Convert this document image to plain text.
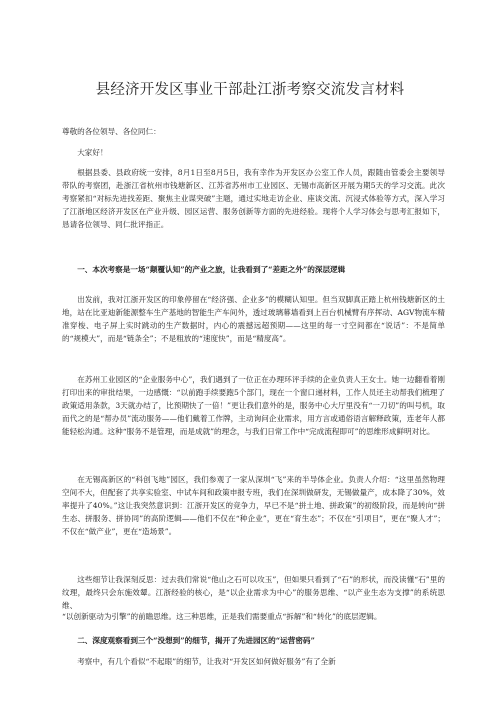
县经济开发区事业干部赴江浙考察交流发言材料
尊敬的各位领导、各位同仁：
大家好！
根据县委、县政府统一安排，8月1日至8月5日，我有幸作为开发区办公室工作人员，跟随由管委会主要领导带队的考察团，赴浙江省杭州市钱塘新区、江苏省苏州市工业园区、无锡市高新区开展为期5天的学习交流。此次考察紧扣“对标先进找差距、聚焦主业谋突破”主题，通过实地走访企业、座谈交流、沉浸式体验等方式，深入学习了江浙地区经济开发区在产业升级、园区运营、服务创新等方面的先进经验。现将个人学习体会与思考汇报如下，恳请各位领导、同仁批评指正。
一、本次考察是一场“颠覆认知”的产业之旅，让我看到了“差距之外”的深层逻辑
出发前，我对江浙开发区的印象停留在“经济强、企业多”的模糊认知里。但当双脚真正踏上杭州钱塘新区的土地，站在比亚迪新能源整车生产基地的智能生产车间外，透过玻璃幕墙看到上百台机械臂有序挥动、AGV物流车精准穿梭、电子屏上实时跳动的生产数据时，内心的震撼远超预期——这里的每一寸空间都在“说话”：不是简单的“规模大”，而是“链条全”；不是粗放的“速度快”，而是“精度高”。
在苏州工业园区的“企业服务中心”，我们遇到了一位正在办理环评手续的企业负责人王女士。她一边翻看着刚打印出来的审批结果，一边感慨：“以前跑手续要跑5个部门，现在一个窗口递材料，工作人员还主动帮我们梳理了政策适用条款，3天就办结了，比预期快了一倍！”更让我们意外的是，服务中心大厅里没有“一刀切”的叫号机，取而代之的是“帮办员”流动服务——他们戴着工作牌，主动询问企业需求，用方言或通俗语言解释政策，连老年人都能轻松沟通。这种“服务不是管理，而是成就”的理念，与我们日常工作中“完成流程即可”的思维形成鲜明对比。
在无锡高新区的“科创飞地”园区，我们参观了一家从深圳“飞”来的半导体企业。负责人介绍：“这里虽然物理空间不大，但配套了共享实验室、中试车间和政策申报专班，我们在深圳做研发，无锡做量产，成本降了30%，效率提升了40%。”这让我突然意识到：江浙开发区的竞争力，早已不是“拼土地、拼政策”的初级阶段，而是转向“拼生态、拼服务、拼协同”的高阶逻辑——他们不仅在“种企业”，更在“育生态”；不仅在“引项目”，更在“聚人才”；不仅在“做产业”，更在“造场景”。
这些细节让我深刻反思：过去我们常说“他山之石可以攻玉”，但如果只看到了“石”的形状，而没读懂“石”里的纹理，最终只会东施效颦。江浙经验的核心，是“以企业需求为中心”的服务思维、“以产业生态为支撑”的系统思维、
“以创新驱动为引擎”的前瞻思维。这三种思维，正是我们需要重点“拆解”和“转化”的底层逻辑。
二、深度观察看到三个“没想到”的细节，揭开了先进园区的“运营密码”
考察中，有几个看似“不起眼”的细节，让我对“开发区如何做好服务”有了全新
